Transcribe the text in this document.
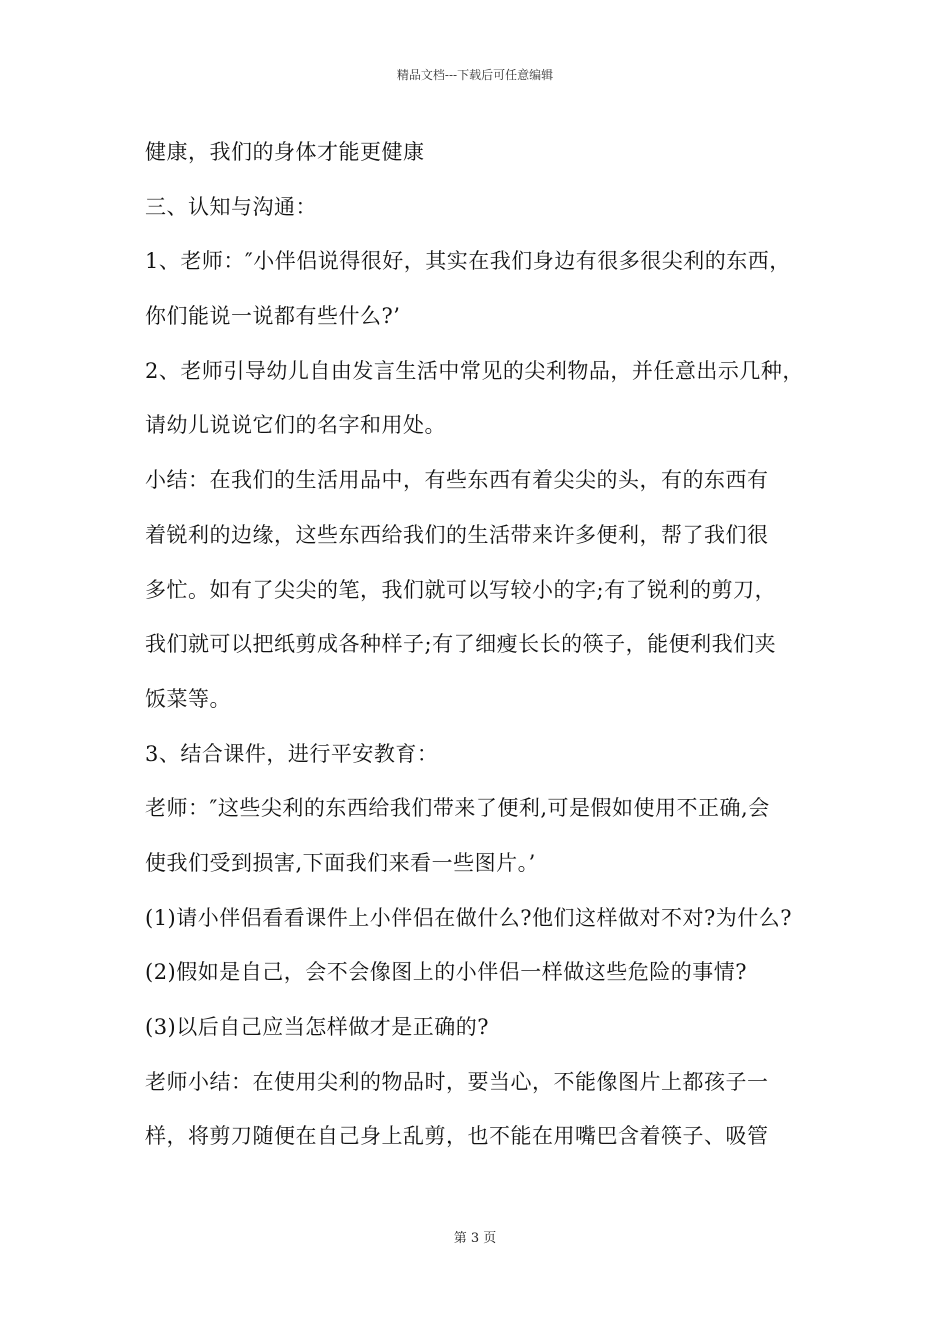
精品文档---下载后可任意编辑
健康，我们的身体才能更健康
三、认知与沟通：
1、老师：″小伴侣说得很好，其实在我们身边有很多很尖利的东西，
你们能说一说都有些什么?’
2、老师引导幼儿自由发言生活中常见的尖利物品，并任意出示几种，
请幼儿说说它们的名字和用处。
小结：在我们的生活用品中，有些东西有着尖尖的头，有的东西有
着锐利的边缘，这些东西给我们的生活带来许多便利，帮了我们很
多忙。如有了尖尖的笔，我们就可以写较小的字;有了锐利的剪刀，
我们就可以把纸剪成各种样子;有了细瘦长长的筷子，能便利我们夹
饭菜等。
3、结合课件，进行平安教育：
老师：″这些尖利的东西给我们带来了便利,可是假如使用不正确,会
使我们受到损害,下面我们来看一些图片。’
(1)请小伴侣看看课件上小伴侣在做什么?他们这样做对不对?为什么?
(2)假如是自己，会不会像图上的小伴侣一样做这些危险的事情?
(3)以后自己应当怎样做才是正确的?
老师小结：在使用尖利的物品时，要当心，不能像图片上都孩子一
样，将剪刀随便在自己身上乱剪，也不能在用嘴巴含着筷子、吸管
第 3 页
